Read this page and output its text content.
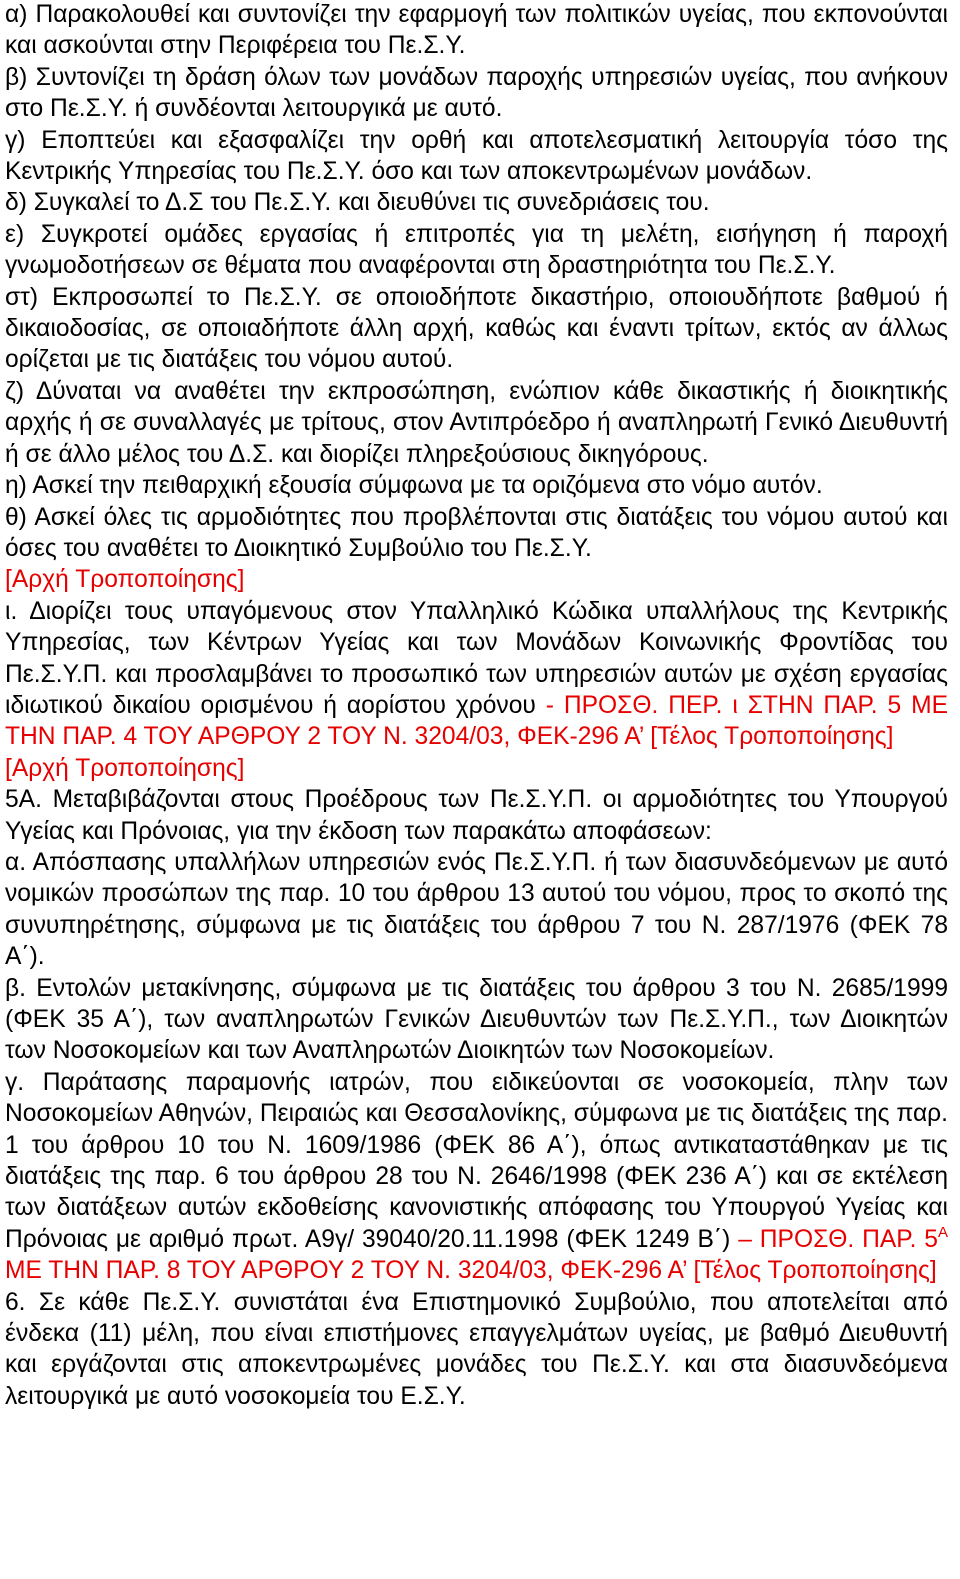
α) Παρακολουθεί και συντονίζει την εφαρμογή των πολιτικών υγείας, που εκπονούνται και ασκούνται στην Περιφέρεια του Πε.Σ.Υ.

β) Συντονίζει τη δράση όλων των μονάδων παροχής υπηρεσιών υγείας, που ανήκουν στο Πε.Σ.Υ. ή συνδέονται λειτουργικά με αυτό.

γ) Εποπτεύει και εξασφαλίζει την ορθή και αποτελεσματική λειτουργία τόσο της Κεντρικής Υπηρεσίας του Πε.Σ.Υ. όσο και των αποκεντρωμένων μονάδων.

δ) Συγκαλεί το Δ.Σ του Πε.Σ.Υ. και διευθύνει τις συνεδριάσεις του.

ε) Συγκροτεί ομάδες εργασίας ή επιτροπές για τη μελέτη, εισήγηση ή παροχή γνωμοδοτήσεων σε θέματα που αναφέρονται στη δραστηριότητα του Πε.Σ.Υ.

στ) Εκπροσωπεί το Πε.Σ.Υ. σε οποιοδήποτε δικαστήριο, οποιουδήποτε βαθμού ή δικαιοδοσίας, σε οποιαδήποτε άλλη αρχή, καθώς και έναντι τρίτων, εκτός αν άλλως ορίζεται με τις διατάξεις του νόμου αυτού.

ζ) Δύναται να αναθέτει την εκπροσώπηση, ενώπιον κάθε δικαστικής ή διοικητικής αρχής ή σε συναλλαγές με τρίτους, στον Αντιπρόεδρο ή αναπληρωτή Γενικό Διευθυντή ή σε άλλο μέλος του Δ.Σ. και διορίζει πληρεξούσιους δικηγόρους.

η) Ασκεί την πειθαρχική εξουσία σύμφωνα με τα οριζόμενα στο νόμο αυτόν.

θ) Ασκεί όλες τις αρμοδιότητες που προβλέπονται στις διατάξεις του νόμου αυτού και όσες του αναθέτει το Διοικητικό Συμβούλιο του Πε.Σ.Υ.

[Αρχή Τροποποίησης]

ι. Διορίζει τους υπαγόμενους στον Υπαλληλικό Κώδικα υπαλλήλους της Κεντρικής Υπηρεσίας, των Κέντρων Υγείας και των Μονάδων Κοινωνικής Φροντίδας του Πε.Σ.Υ.Π. και προσλαμβάνει το προσωπικό των υπηρεσιών αυτών με σχέση εργασίας ιδιωτικού δικαίου ορισμένου ή αορίστου χρόνου - ΠΡΟΣΘ. ΠΕΡ. ι ΣΤΗΝ ΠΑΡ. 5 ΜΕ ΤΗΝ ΠΑΡ. 4 ΤΟΥ ΑΡΘΡΟΥ 2 ΤΟΥ Ν. 3204/03, ΦΕΚ-296 Α’ [Τέλος Τροποποίησης]

[Αρχή Τροποποίησης]

5Α. Μεταβιβάζονται στους Προέδρους των Πε.Σ.Υ.Π. οι αρμοδιότητες του Υπουργού Υγείας και Πρόνοιας, για την έκδοση των παρακάτω αποφάσεων:

α. Απόσπασης υπαλλήλων υπηρεσιών ενός Πε.Σ.Υ.Π. ή των διασυνδεόμενων με αυτό νομικών προσώπων της παρ. 10 του άρθρου 13 αυτού του νόμου, προς το σκοπό της συνυπηρέτησης, σύμφωνα με τις διατάξεις του άρθρου 7 του Ν. 287/1976 (ΦΕΚ 78 Α΄).

β. Εντολών μετακίνησης, σύμφωνα με τις διατάξεις του άρθρου 3 του Ν. 2685/1999 (ΦΕΚ 35 Α΄), των αναπληρωτών Γενικών Διευθυντών των Πε.Σ.Υ.Π., των Διοικητών των Νοσοκομείων και των Αναπληρωτών Διοικητών των Νοσοκομείων.

γ. Παράτασης παραμονής ιατρών, που ειδικεύονται σε νοσοκομεία, πλην των Νοσοκομείων Αθηνών, Πειραιώς και Θεσσαλονίκης, σύμφωνα με τις διατάξεις της παρ. 1 του άρθρου 10 του Ν. 1609/1986 (ΦΕΚ 86 Α΄), όπως αντικαταστάθηκαν με τις διατάξεις της παρ. 6 του άρθρου 28 του Ν. 2646/1998 (ΦΕΚ 236 Α΄) και σε εκτέλεση των διατάξεων αυτών εκδοθείσης κανονιστικής απόφασης του Υπουργού Υγείας και Πρόνοιας με αριθμό πρωτ. Α9γ/ 39040/20.11.1998 (ΦΕΚ 1249 Β΄) – ΠΡΟΣΘ. ΠΑΡ. $5^A$ ΜΕ ΤΗΝ ΠΑΡ. 8 ΤΟΥ ΑΡΘΡΟΥ 2 ΤΟΥ Ν. 3204/03, ΦΕΚ-296 Α’ [Τέλος Τροποποίησης]

6. Σε κάθε Πε.Σ.Υ. συνιστάται ένα Επιστημονικό Συμβούλιο, που αποτελείται από ένδεκα (11) μέλη, που είναι επιστήμονες επαγγελμάτων υγείας, με βαθμό Διευθυντή και εργάζονται στις αποκεντρωμένες μονάδες του Πε.Σ.Υ. και στα διασυνδεόμενα λειτουργικά με αυτό νοσοκομεία του Ε.Σ.Υ.
